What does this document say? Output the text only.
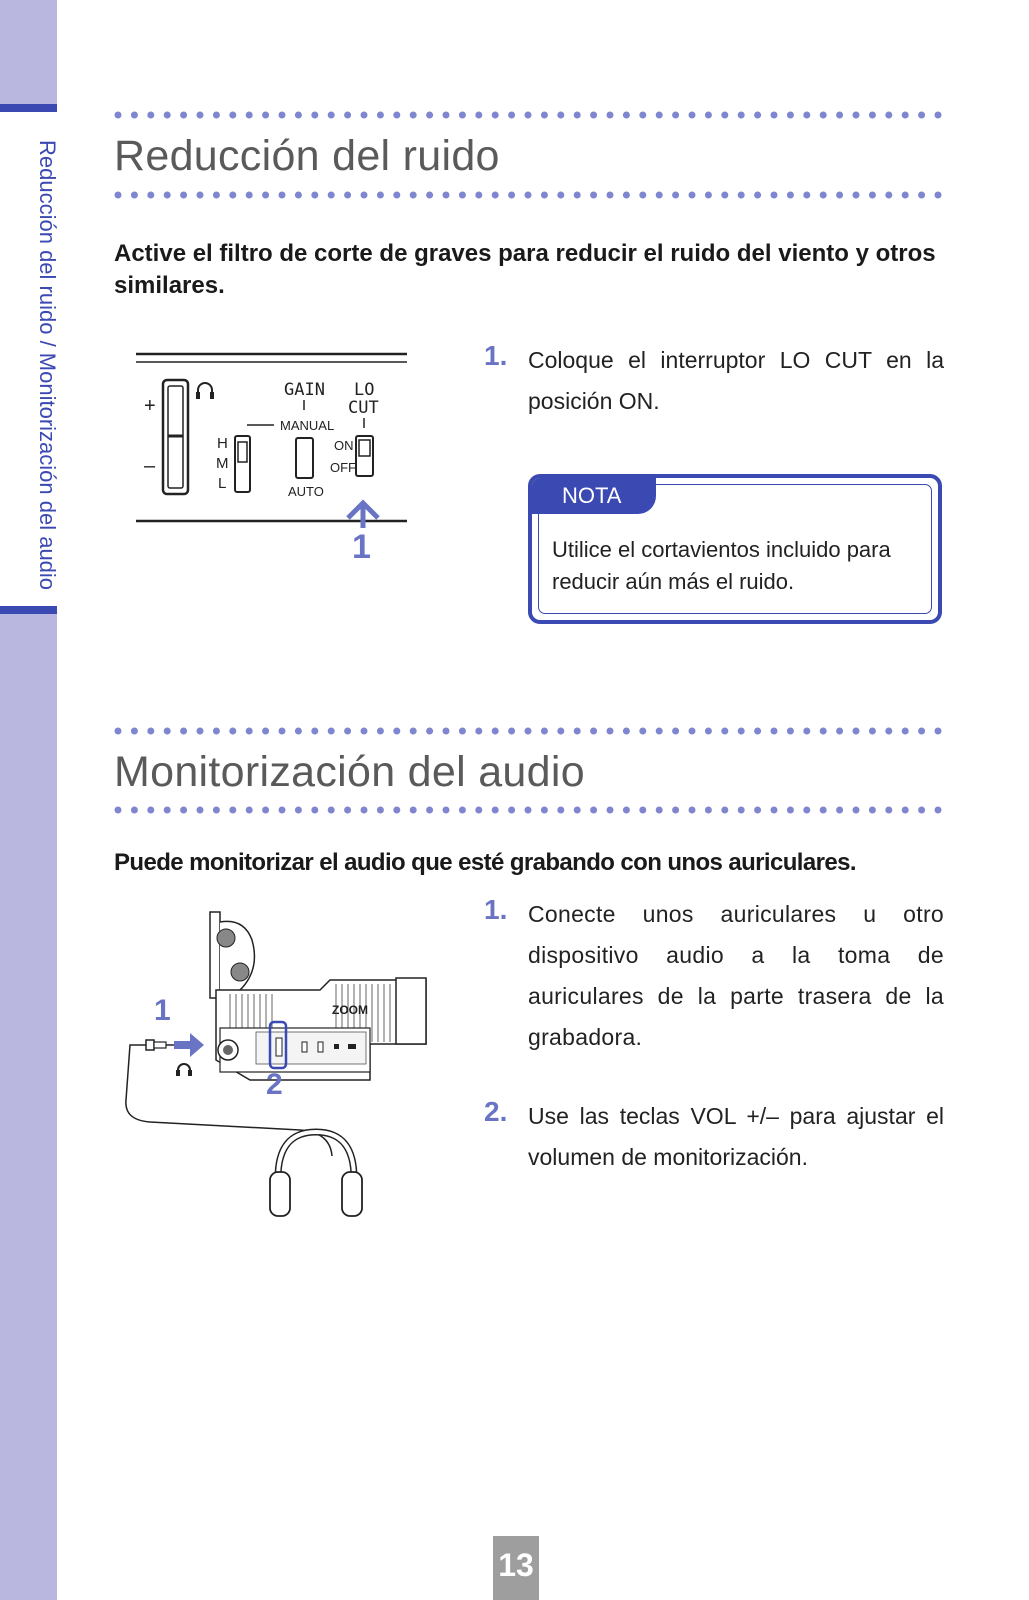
Reducción del ruido / Monitorización del audio Reducción del ruido
Active el filtro de corte de graves para reducir el ruido del viento y otros similares.
+
–
H
M
L
GAIN
MANUAL
AUTO
LO
CUT
ON
OFF
1
1. Coloque el interruptor LO CUT en la posición ON.
NOTA
Utilice el cortavientos incluido para reducir aún más el ruido.
Monitorización del audio
Puede monitorizar el audio que esté grabando con unos auriculares.
ZOOM
1
2
1. Conecte unos auriculares u otro dispositivo audio a la toma de auriculares de la parte trasera de la grabadora.
2. Use las teclas VOL +/– para ajustar el volumen de monitorización.
13
